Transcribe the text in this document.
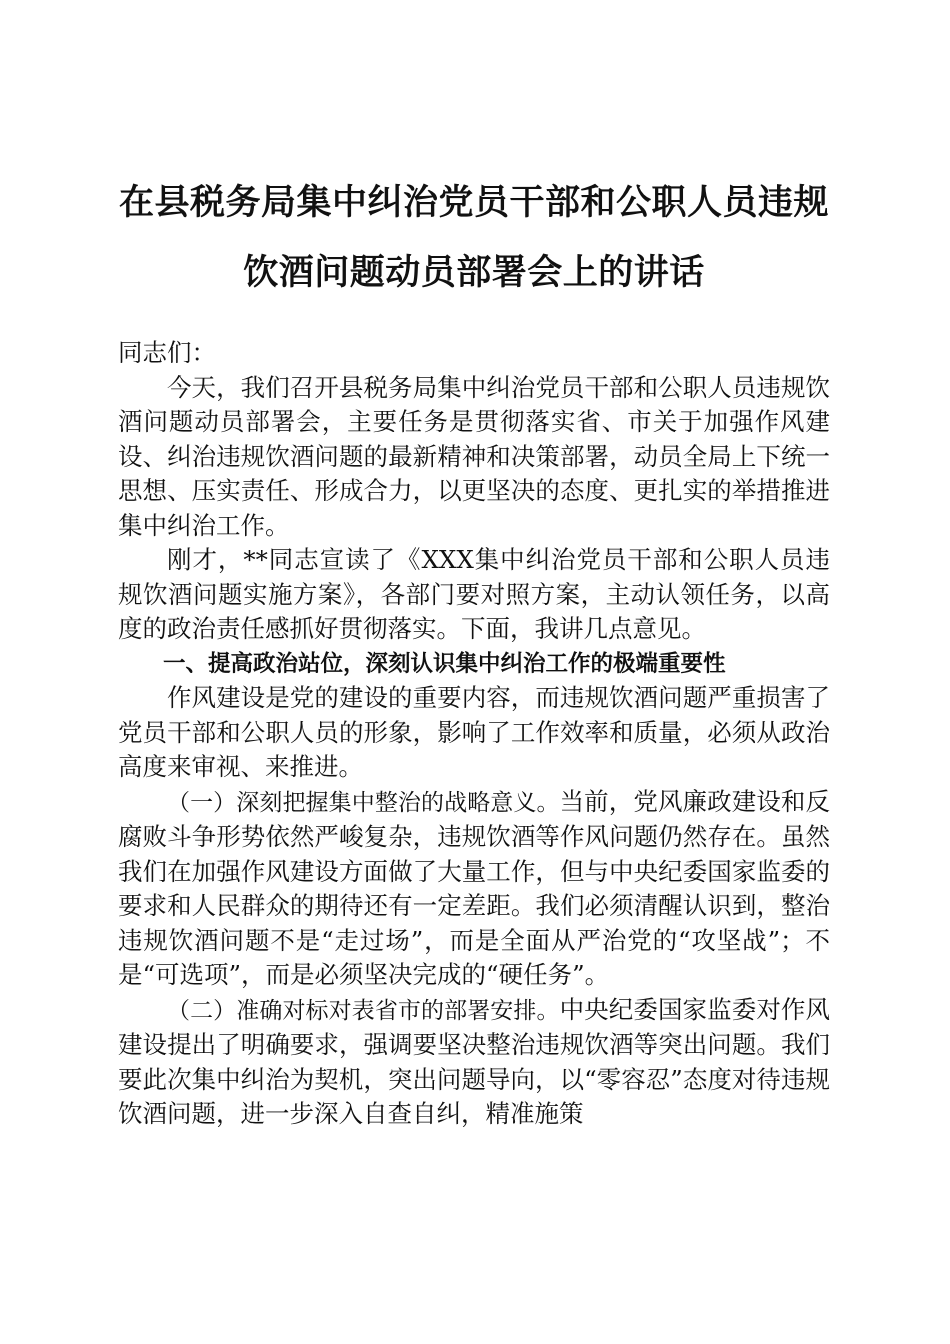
在县税务局集中纠治党员干部和公职人员违规
饮酒问题动员部署会上的讲话

同志们：

今天，我们召开县税务局集中纠治党员干部和公职人员违规饮酒问题动员部署会，主要任务是贯彻落实省、市关于加强作风建设、纠治违规饮酒问题的最新精神和决策部署，动员全局上下统一思想、压实责任、形成合力，以更坚决的态度、更扎实的举措推进集中纠治工作。

刚才，**同志宣读了《XXX集中纠治党员干部和公职人员违规饮酒问题实施方案》，各部门要对照方案，主动认领任务，以高度的政治责任感抓好贯彻落实。下面，我讲几点意见。

一、提高政治站位，深刻认识集中纠治工作的极端重要性

作风建设是党的建设的重要内容，而违规饮酒问题严重损害了党员干部和公职人员的形象，影响了工作效率和质量，必须从政治高度来审视、来推进。

（一）深刻把握集中整治的战略意义。当前，党风廉政建设和反腐败斗争形势依然严峻复杂，违规饮酒等作风问题仍然存在。虽然我们在加强作风建设方面做了大量工作，但与中央纪委国家监委的要求和人民群众的期待还有一定差距。我们必须清醒认识到，整治违规饮酒问题不是“走过场”，而是全面从严治党的“攻坚战”；不是“可选项”，而是必须坚决完成的“硬任务”。

（二）准确对标对表省市的部署安排。中央纪委国家监委对作风建设提出了明确要求，强调要坚决整治违规饮酒等突出问题。我们要此次集中纠治为契机，突出问题导向，以“零容忍”态度对待违规饮酒问题，进一步深入自查自纠，精准施策
